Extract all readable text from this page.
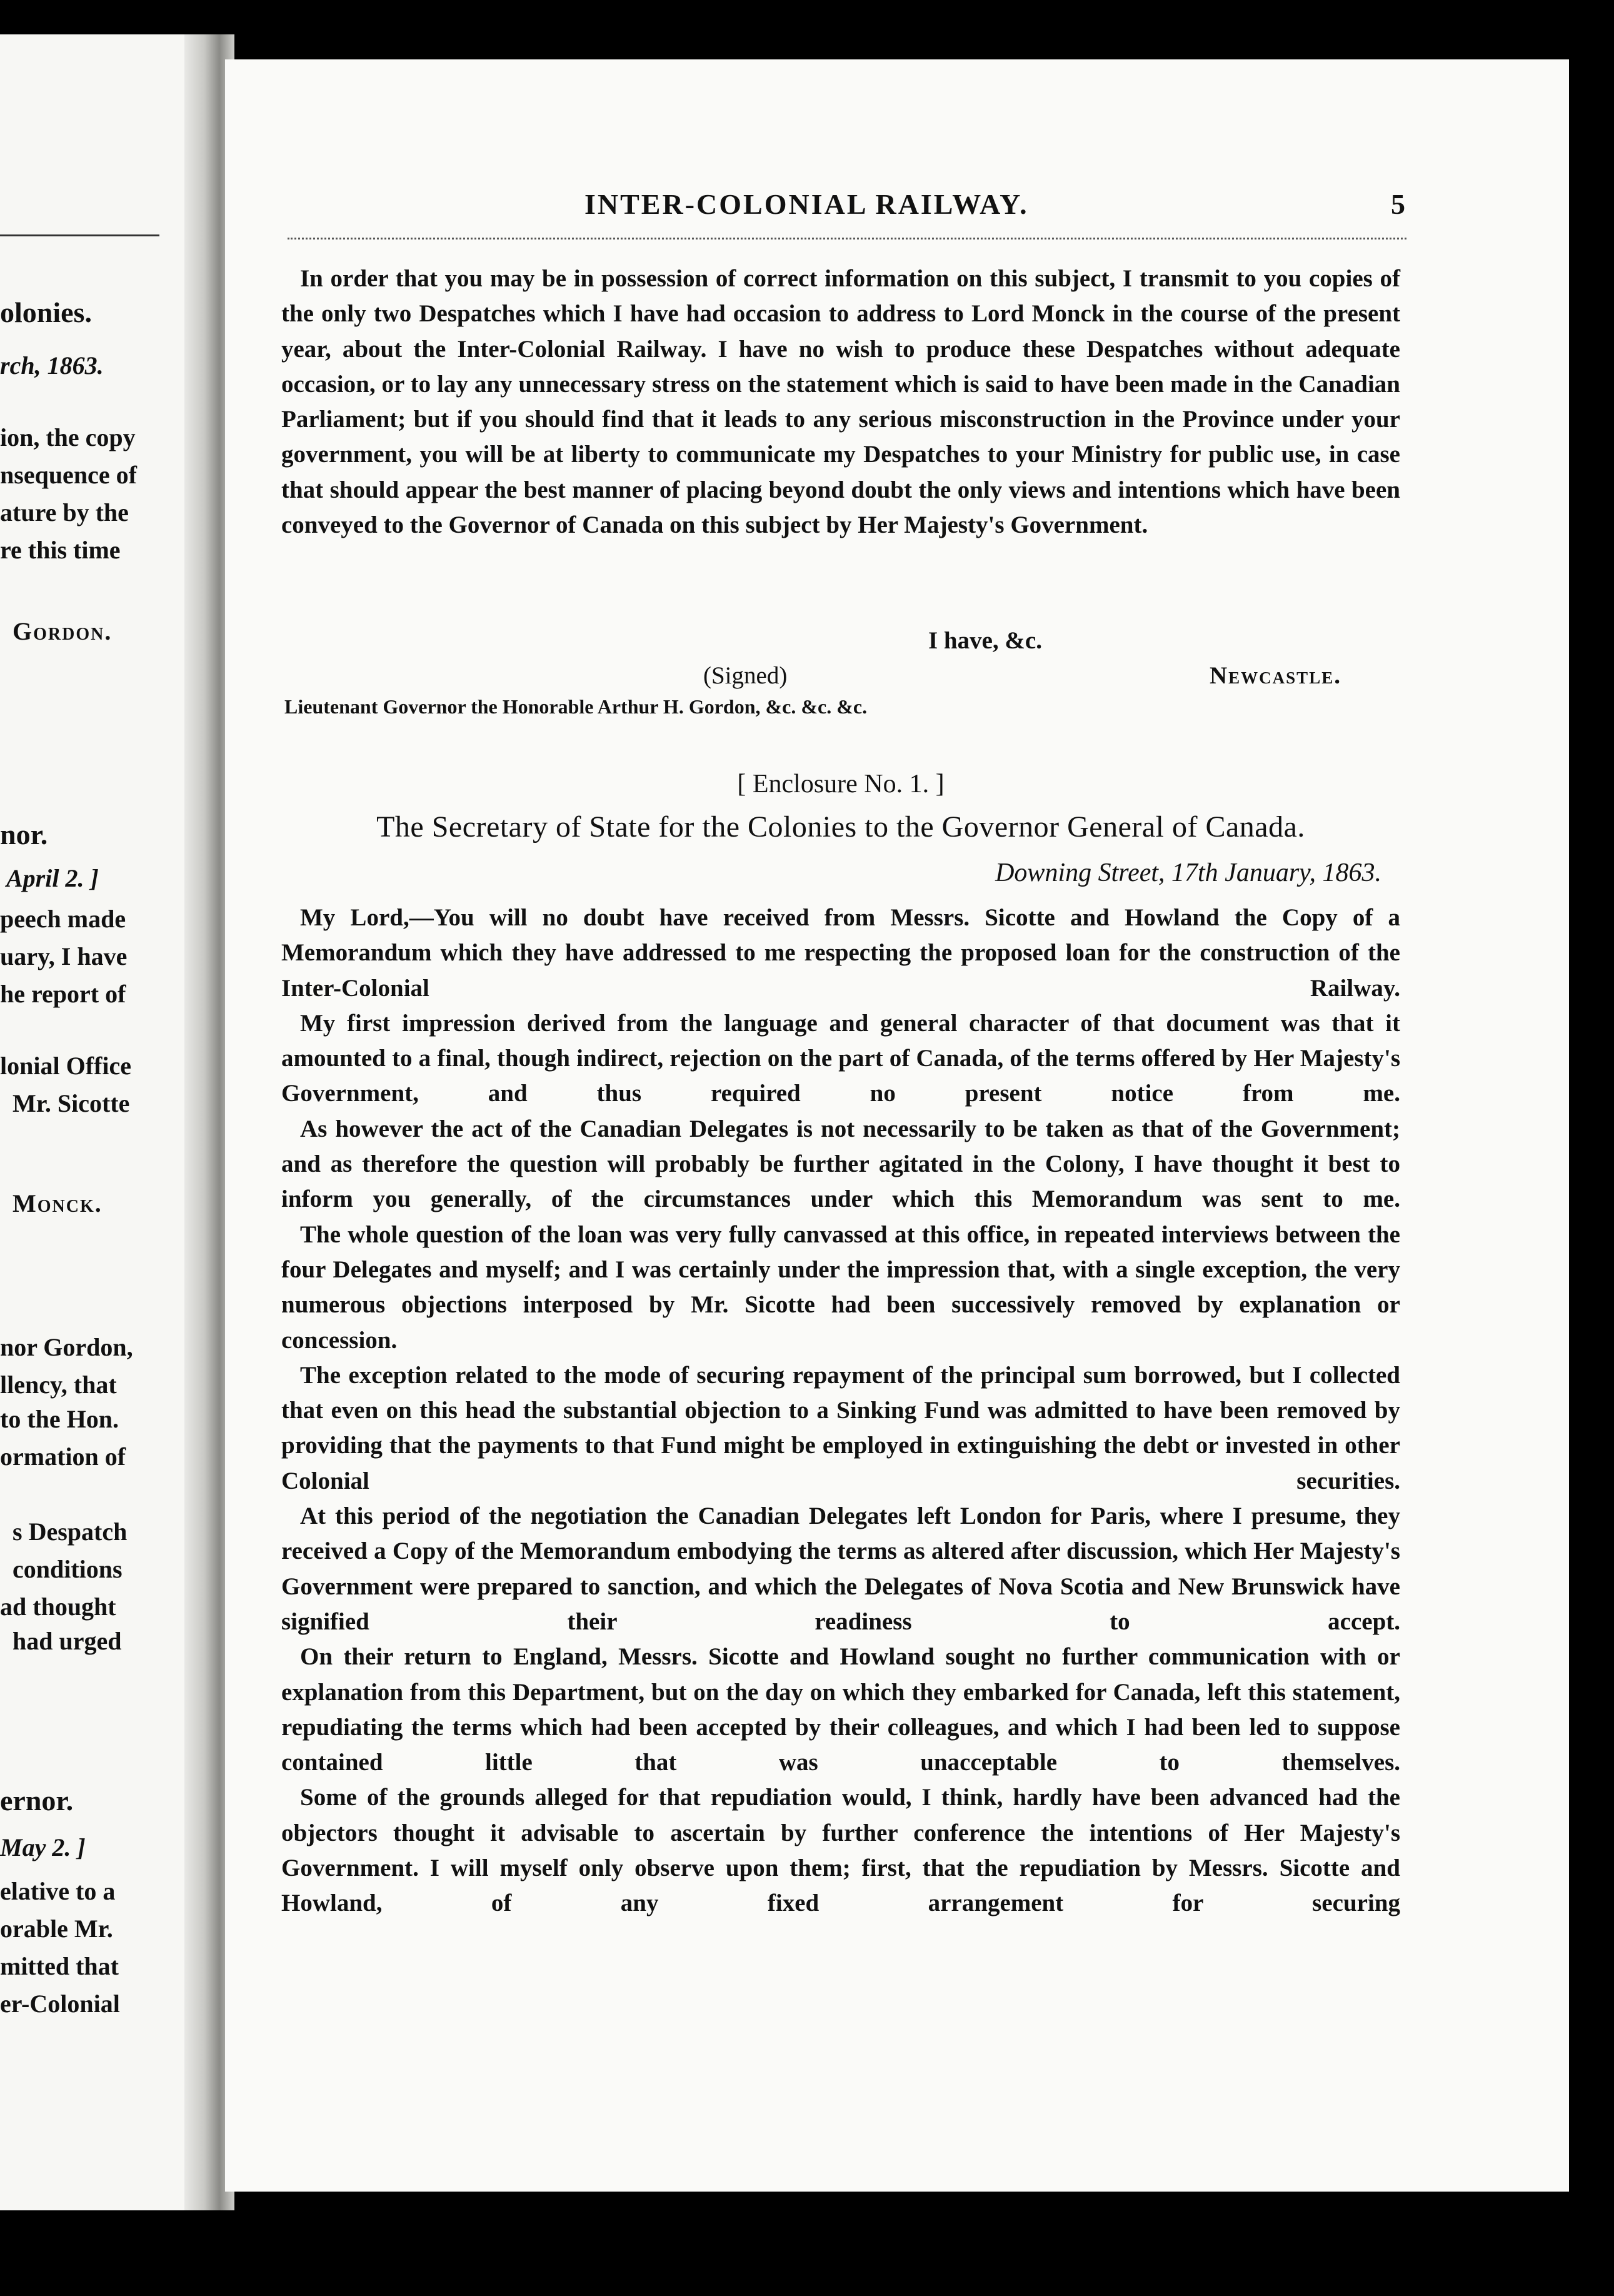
olonies.
rch, 1863.
ion, the copy
nsequence of
ature by the
re this time
Gordon.
nor.
April 2. ]
peech made
uary, I have
he report of
lonial Office
Mr. Sicotte
Monck.
nor Gordon,
llency, that
to the Hon.
ormation of
s Despatch
conditions
ad thought
had urged
ernor.
May 2. ]
elative to a
orable Mr.
mitted that
er-Colonial
INTER-COLONIAL RAILWAY.	5

In order that you may be in possession of correct information on this subject, I transmit to you copies of the only two Despatches which I have had occasion to address to Lord Monck in the course of the present year, about the Inter-Colonial Railway. I have no wish to produce these Despatches without adequate occasion, or to lay any unnecessary stress on the statement which is said to have been made in the Canadian Parliament; but if you should find that it leads to any serious misconstruction in the Province under your government, you will be at liberty to communicate my Despatches to your Ministry for public use, in case that should appear the best manner of placing beyond doubt the only views and intentions which have been conveyed to the Governor of Canada on this subject by Her Majesty's Government.

I have, &c.
(Signed)	Newcastle.
Lieutenant Governor the Honorable Arthur H. Gordon, &c. &c. &c.
[ Enclosure No. 1. ]
The Secretary of State for the Colonies to the Governor General of Canada.
Downing Street, 17th January, 1863.

My Lord,—You will no doubt have received from Messrs. Sicotte and Howland the Copy of a Memorandum which they have addressed to me respecting the proposed loan for the construction of the Inter-Colonial Railway.

My first impression derived from the language and general character of that document was that it amounted to a final, though indirect, rejection on the part of Canada, of the terms offered by Her Majesty's Government, and thus required no present notice from me.

As however the act of the Canadian Delegates is not necessarily to be taken as that of the Government; and as therefore the question will probably be further agitated in the Colony, I have thought it best to inform you generally, of the circumstances under which this Memorandum was sent to me.

The whole question of the loan was very fully canvassed at this office, in repeated interviews between the four Delegates and myself; and I was certainly under the impression that, with a single exception, the very numerous objections interposed by Mr. Sicotte had been successively removed by explanation or concession.

The exception related to the mode of securing repayment of the principal sum borrowed, but I collected that even on this head the substantial objection to a Sinking Fund was admitted to have been removed by providing that the payments to that Fund might be employed in extinguishing the debt or invested in other Colonial securities.

At this period of the negotiation the Canadian Delegates left London for Paris, where I presume, they received a Copy of the Memorandum embodying the terms as altered after discussion, which Her Majesty's Government were prepared to sanction, and which the Delegates of Nova Scotia and New Brunswick have signified their readiness to accept.

On their return to England, Messrs. Sicotte and Howland sought no further communication with or explanation from this Department, but on the day on which they embarked for Canada, left this statement, repudiating the terms which had been accepted by their colleagues, and which I had been led to suppose contained little that was unacceptable to themselves.

Some of the grounds alleged for that repudiation would, I think, hardly have been advanced had the objectors thought it advisable to ascertain by further conference the intentions of Her Majesty's Government. I will myself only observe upon them; first, that the repudiation by Messrs. Sicotte and Howland, of any fixed arrangement for securing
